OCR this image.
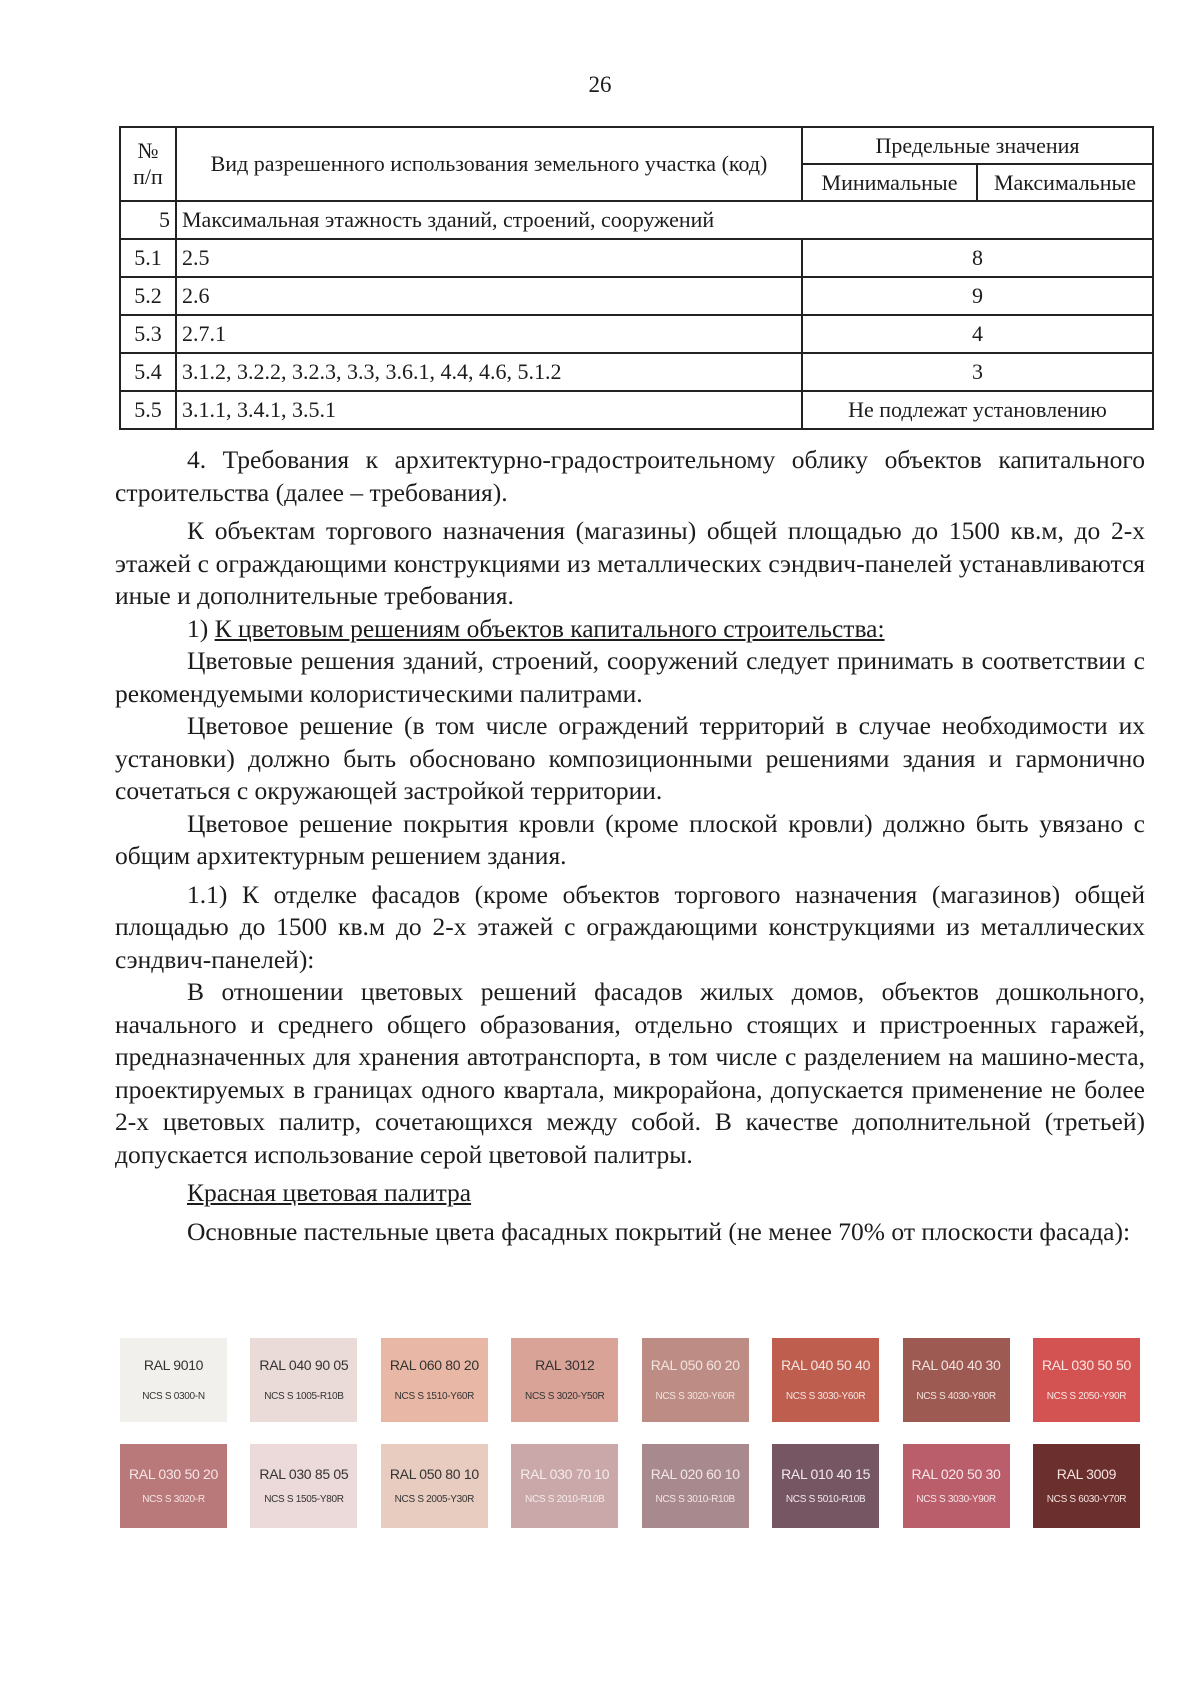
26
№ п/п	Вид разрешенного использования земельного участка (код)	Предельные значения	
		Минимальные	Максимальные
5	Максимальная этажность зданий, строений, сооружений		
5.1	2.5	8	
5.2	2.6	9	
5.3	2.7.1	4	
5.4	3.1.2, 3.2.2, 3.2.3, 3.3, 3.6.1, 4.4, 4.6, 5.1.2	3	
5.5	3.1.1, 3.4.1, 3.5.1	Не подлежат установлению	

4. Требования к архитектурно-градостроительному облику объектов капитального строительства (далее – требования).

К объектам торгового назначения (магазины) общей площадью до 1500 кв.м, до 2-х этажей с ограждающими конструкциями из металлических сэндвич-панелей устанавливаются иные и дополнительные требования.

1) К цветовым решениям объектов капитального строительства:

Цветовые решения зданий, строений, сооружений следует принимать в соответствии с рекомендуемыми колористическими палитрами.

Цветовое решение (в том числе ограждений территорий в случае необходимости их установки) должно быть обосновано композиционными решениями здания и гармонично сочетаться с окружающей застройкой территории.

Цветовое решение покрытия кровли (кроме плоской кровли) должно быть увязано с общим архитектурным решением здания.

1.1) К отделке фасадов (кроме объектов торгового назначения (магазинов) общей площадью до 1500 кв.м до 2-х этажей с ограждающими конструкциями из металлических сэндвич-панелей):

В отношении цветовых решений фасадов жилых домов, объектов дошкольного, начального и среднего общего образования, отдельно стоящих и пристроенных гаражей, предназначенных для хранения автотранспорта, в том числе с разделением на машино-места, проектируемых в границах одного квартала, микрорайона, допускается применение не более 2-х цветовых палитр, сочетающихся между собой. В качестве дополнительной (третьей) допускается использование серой цветовой палитры.

Красная цветовая палитра

Основные пастельные цвета фасадных покрытий (не менее 70% от плоскости фасада):

RAL 9010
NCS S 0300-N
RAL 040 90 05
NCS S 1005-R10B
RAL 060 80 20
NCS S 1510-Y60R
RAL 3012
NCS S 3020-Y50R
RAL 050 60 20
NCS S 3020-Y60R
RAL 040 50 40
NCS S 3030-Y60R
RAL 040 40 30
NCS S 4030-Y80R
RAL 030 50 50
NCS S 2050-Y90R
RAL 030 50 20
NCS S 3020-R
RAL 030 85 05
NCS S 1505-Y80R
RAL 050 80 10
NCS S 2005-Y30R
RAL 030 70 10
NCS S 2010-R10B
RAL 020 60 10
NCS S 3010-R10B
RAL 010 40 15
NCS S 5010-R10B
RAL 020 50 30
NCS S 3030-Y90R
RAL 3009
NCS S 6030-Y70R
